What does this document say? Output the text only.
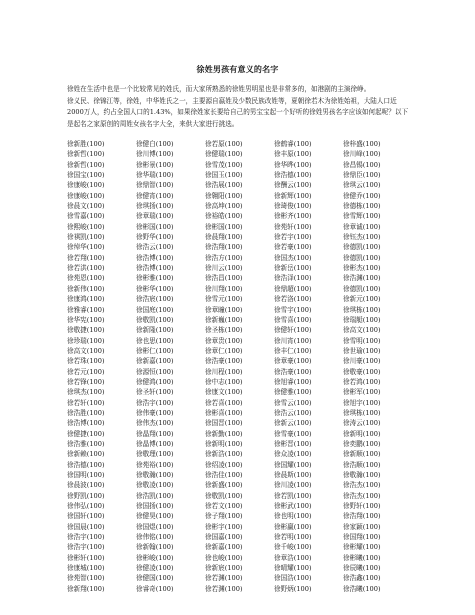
徐姓男孩有意义的名字

徐姓在生活中也是一个比较常见的姓氏，而大家所熟悉的徐姓男明星也是非常多的，如港剧的主演徐峥。

徐义民、徐锦江等，徐姓，中华姓氏之一，主要源自嬴姓及少数民族改姓等，夏朝徐若木为徐姓始祖，大陆人口近2000万人，约占全国人口的1.43%，如果徐姓家长要给自己的男宝宝起一个好听的徐姓男孩名字应该如何起呢？以下是起名之家原创的周姓女孩名字大全，来供大家进行挑选。

徐新胜(100)	徐健白(100)	徐若原(100)	徐鹤睿(100)	徐梓盛(100)
徐新哲(100)	徐川博(100)	徐健瑞(100)	徐丰原(100)	徐川峰(100)
徐新哲(100)	徐彬景(100)	徐雪茂(100)	徐华晔(100)	徐昌锡(100)
徐国宝(100)	徐华瑞(100)	徐国玉(100)	徐浩德(100)	徐鼎臣(100)
徐康峻(100)	徐鼎智(100)	徐浩展(100)	徐酬云(100)	徐琪云(100)
徐康峻(100)	徐健宵(100)	徐翱阳(100)	徐新辉(100)	徐健乔(100)
徐晨文(100)	徐琪扬(100)	徐高坤(100)	徐琦俊(100)	徐德栋(100)
徐雪嘉(100)	徐章瑞(100)	徐裕皓(100)	徐彬齐(100)	徐雪辉(100)
徐熙峻(100)	徐彬国(100)	徐彬国(100)	徐苑轩(100)	徐章诚(100)
徐祺凯(100)	徐野华(100)	徐晨翔(100)	徐若宇(100)	徐钰杰(100)
徐绰华(100)	徐浩云(100)	徐浩翔(100)	徐若豪(100)	徐德凯(100)
徐若翔(100)	徐浩博(100)	徐浩方(100)	徐国杰(100)	徐德凯(100)
徐若洪(100)	徐浩博(100)	徐川云(100)	徐新岳(100)	徐彬杰(100)
徐苑恩(100)	徐彬雅(100)	徐浩昌(100)	徐浩泽(100)	徐浩渊(100)
徐新伟(100)	徐彬华(100)	徐川翔(100)	徐鼎超(100)	徐德凯(100)
徐康鸿(100)	徐浩宸(100)	徐雪元(100)	徐若洛(100)	徐新元(100)
徐雅睿(100)	徐国庭(100)	徐章瞳(100)	徐雪宇(100)	徐琪栋(100)
徐华宪(100)	徐敬凯(100)	徐新巍(100)	徐雪喜(100)	徐瑞艇(100)
徐敬捷(100)	徐新隆(100)	徐圣栋(100)	徐健轩(100)	徐高文(100)
徐珍瑞(100)	徐也思(100)	徐章贵(100)	徐川宵(100)	徐雪明(100)
徐高文(100)	徐彬仁(100)	徐章仁(100)	徐丰仁(100)	徐世瑜(100)
徐若珠(100)	徐新嘉(100)	徐浩豪(100)	徐章豪(100)	徐川豪(100)
徐若元(100)	徐源恒(100)	徐川程(100)	徐浩豪(100)	徐敬豪(100)
徐若锋(100)	徐健鸿(100)	徐中志(100)	徐旭睿(100)	徐若鸿(100)
徐琪杰(100)	徐圣轩(100)	徐康文(100)	徐健雅(100)	徐彬军(100)
徐若轩(100)	徐浩宇(100)	徐若喜(100)	徐雪云(100)	徐旭宇(100)
徐浩胜(100)	徐伟豪(100)	徐彬喜(100)	徐浩云(100)	徐琪栋(100)
徐浩博(100)	徐伟杰(100)	徐国晋(100)	徐新云(100)	徐涛云(100)
徐健捷(100)	徐晶翔(100)	徐新勤(100)	徐雪豪(100)	徐新明(100)
徐浩雅(100)	徐晶博(100)	徐新明(100)	徐彬晋(100)	徐奕鹏(100)
徐新赖(100)	徐敬理(100)	徐新浩(100)	徐众凌(100)	徐新顺(100)
徐浩德(100)	徐苑裕(100)	徐绍凌(100)	徐国耀(100)	徐浩顺(100)
徐国明(100)	徐敬瀚(100)	徐浩佳(100)	徐晨斯(100)	徐敬瀚(100)
徐晨波(100)	徐敬凌(100)	徐新盛(100)	徐川凌(100)	徐浩杰(100)
徐野凯(100)	徐浩凯(100)	徐敬凯(100)	徐若凯(100)	徐浩杰(100)
徐伟弘(100)	徐国扬(100)	徐若文(100)	徐彬武(100)	徐野轩(100)
徐国轩(100)	徐健昊(100)	徐子翔(100)	徐也明(100)	徐浩翔(100)
徐国晨(100)	徐国煜(100)	徐彬宇(100)	徐彬赢(100)	徐家颖(100)
徐浩宇(100)	徐伟铭(100)	徐国嘉(100)	徐若明(100)	徐国翔(100)
徐浩宇(100)	徐新翰(100)	徐新嘉(100)	徐千峻(100)	徐彬耀(100)
徐彬轩(100)	徐彬峻(100)	徐也峻(100)	徐章浩(100)	徐彬曦(100)
徐康城(100)	徐健凌(100)	徐新宸(100)	徐晴耀(100)	徐辰曦(100)
徐苑智(100)	徐健国(100)	徐若渊(100)	徐国浩(100)	徐浩鑫(100)
徐新翔(100)	徐睿奇(100)	徐若渊(100)	徐野炳(100)	徐浩曦(100)
